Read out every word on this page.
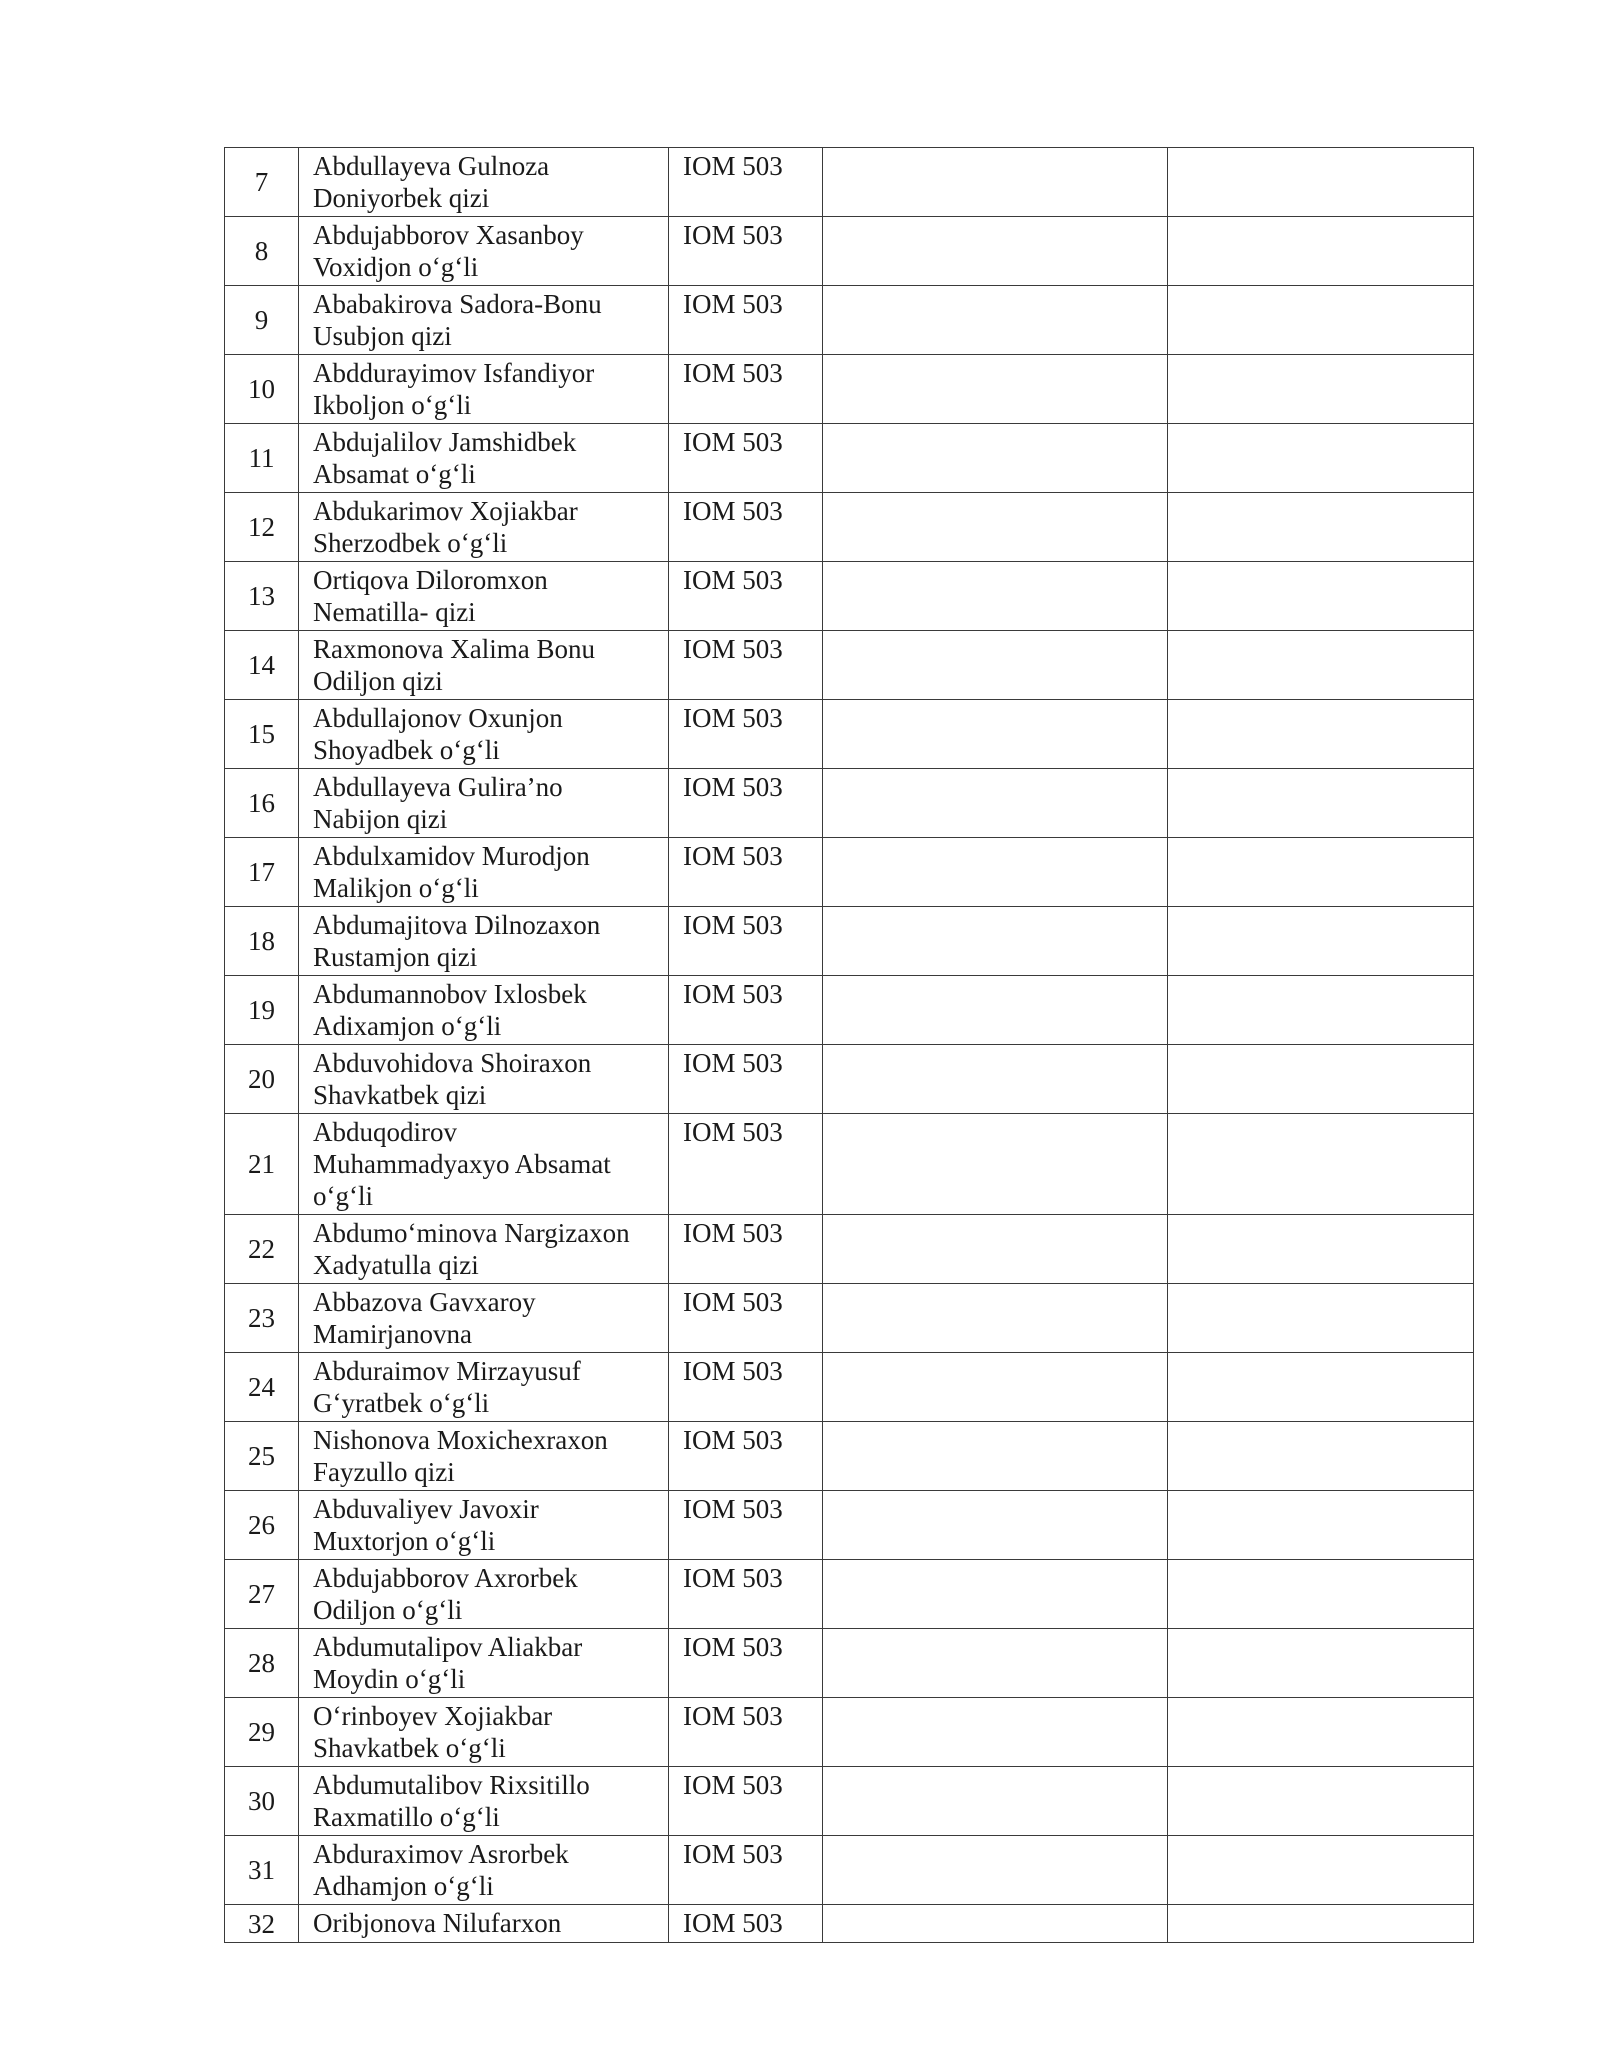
7	Abdullayeva Gulnoza Doniyorbek qizi	IOM 503		
8	Abdujabborov Xasanboy Voxidjon o‘g‘li	IOM 503		
9	Ababakirova Sadora-Bonu Usubjon qizi	IOM 503		
10	Abddurayimov Isfandiyor Ikboljon o‘g‘li	IOM 503		
11	Abdujalilov Jamshidbek Absamat o‘g‘li	IOM 503		
12	Abdukarimov Xojiakbar Sherzodbek o‘g‘li	IOM 503		
13	Ortiqova Diloromxon Nematilla- qizi	IOM 503		
14	Raxmonova Xalima Bonu Odiljon qizi	IOM 503		
15	Abdullajonov Oxunjon Shoyadbek o‘g‘li	IOM 503		
16	Abdullayeva Gulira’no Nabijon qizi	IOM 503		
17	Abdulxamidov Murodjon Malikjon o‘g‘li	IOM 503		
18	Abdumajitova Dilnozaxon Rustamjon qizi	IOM 503		
19	Abdumannobov Ixlosbek Adixamjon o‘g‘li	IOM 503		
20	Abduvohidova Shoiraxon Shavkatbek qizi	IOM 503		
21	Abduqodirov Muhammadyaxyo Absamat o‘g‘li	IOM 503		
22	Abdumo‘minova Nargizaxon Xadyatulla qizi	IOM 503		
23	Abbazova Gavxaroy Mamirjanovna	IOM 503		
24	Abduraimov Mirzayusuf G‘yratbek o‘g‘li	IOM 503		
25	Nishonova Moxichexraxon Fayzullo qizi	IOM 503		
26	Abduvaliyev Javoxir Muxtorjon o‘g‘li	IOM 503		
27	Abdujabborov Axrorbek Odiljon o‘g‘li	IOM 503		
28	Abdumutalipov Aliakbar Moydin o‘g‘li	IOM 503		
29	O‘rinboyev Xojiakbar Shavkatbek o‘g‘li	IOM 503		
30	Abdumutalibov Rixsitillo Raxmatillo o‘g‘li	IOM 503		
31	Abduraximov Asrorbek Adhamjon o‘g‘li	IOM 503		
32	Oribjonova Nilufarxon	IOM 503		
